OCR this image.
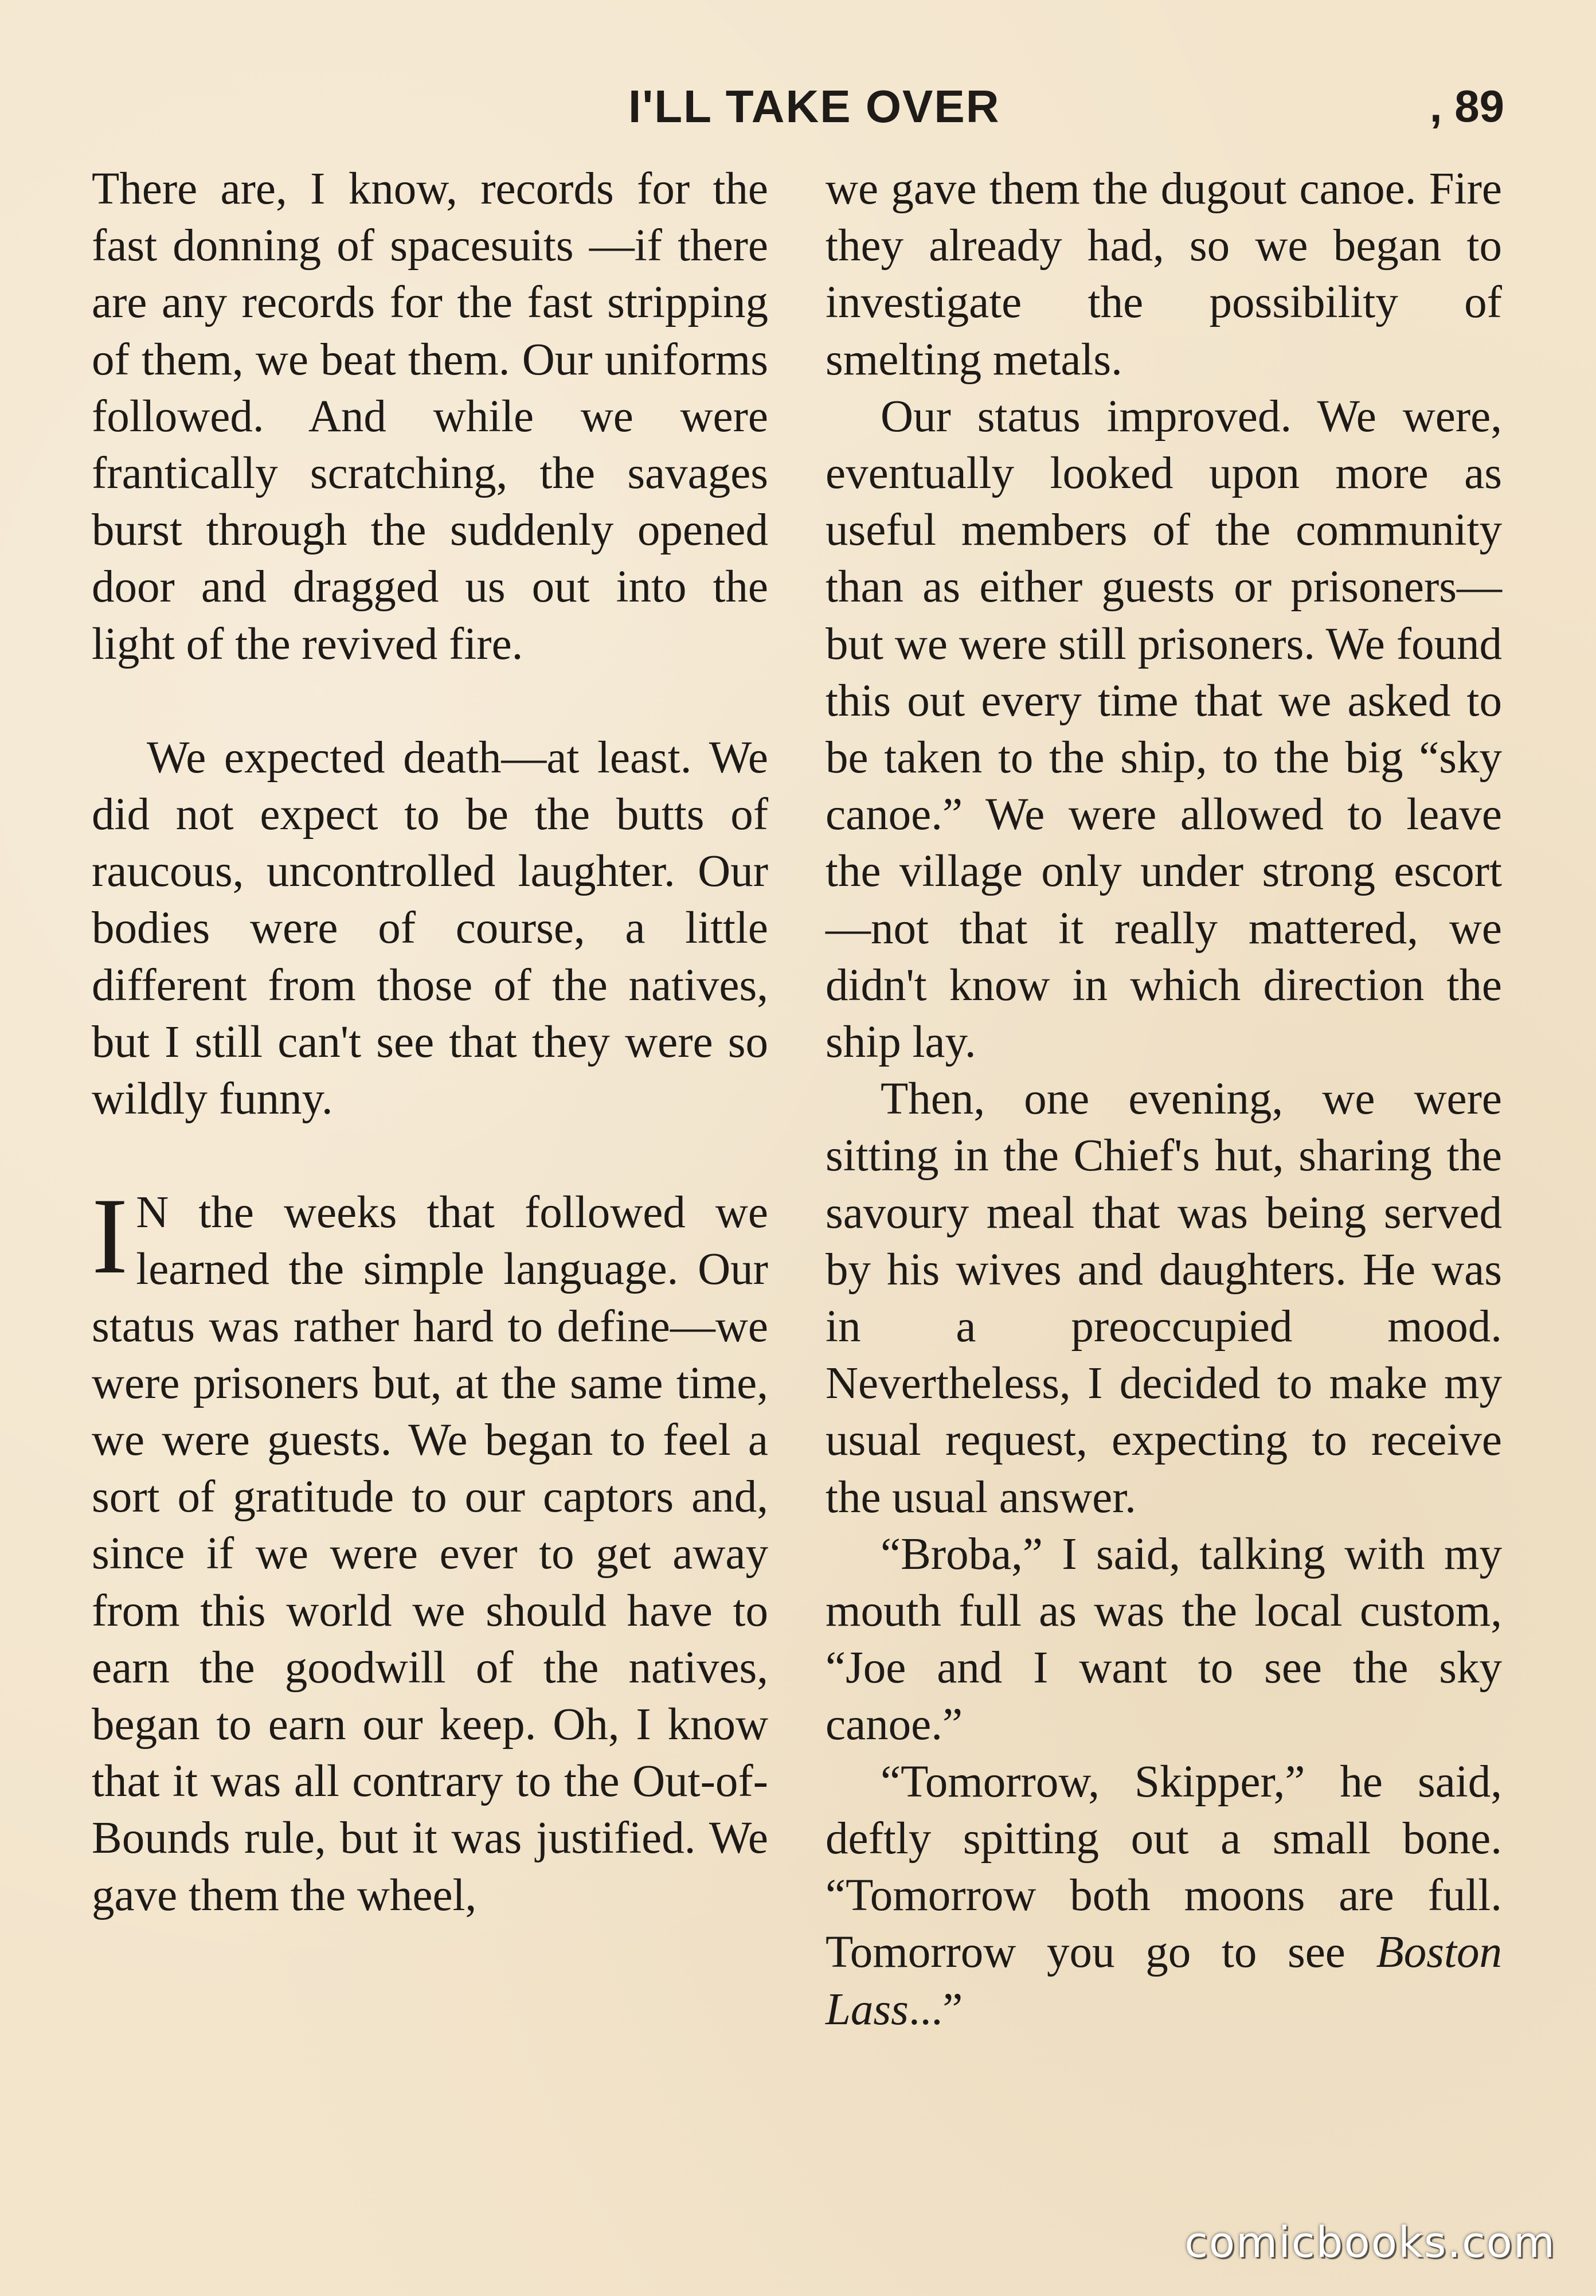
I'LL TAKE OVER	, 89

There are, I know, records for the fast donning of spacesuits —if there are any records for the fast stripping of them, we beat them. Our uniforms followed. And while we were frantically scratching, the savages burst through the suddenly opened door and dragged us out into the light of the revived fire.

We expected death—at least. We did not expect to be the butts of raucous, uncontrolled laughter. Our bodies were of course, a little different from those of the natives, but I still can't see that they were so wildly funny.

I N the weeks that followed we learned the simple language. Our status was rather hard to define—we were prisoners but, at the same time, we were guests. We began to feel a sort of gratitude to our captors and, since if we were ever to get away from this world we should have to earn the goodwill of the natives, began to earn our keep. Oh, I know that it was all contrary to the Out-of-Bounds rule, but it was justified. We gave them the wheel,

we gave them the dugout canoe. Fire they already had, so we began to investigate the possibility of smelting metals.

Our status improved. We were, eventually looked upon more as useful members of the community than as either guests or prisoners—but we were still prisoners. We found this out every time that we asked to be taken to the ship, to the big “sky canoe.” We were allowed to leave the village only under strong escort —not that it really mattered, we didn't know in which direction the ship lay.

Then, one evening, we were sitting in the Chief's hut, sharing the savoury meal that was being served by his wives and daughters. He was in a preoccupied mood. Nevertheless, I decided to make my usual request, expecting to receive the usual answer.

“Broba,” I said, talking with my mouth full as was the local custom, “Joe and I want to see the sky canoe.”

“Tomorrow, Skipper,” he said, deftly spitting out a small bone. “Tomorrow both moons are full. Tomorrow you go to see Boston Lass...”

comicbooks.com
